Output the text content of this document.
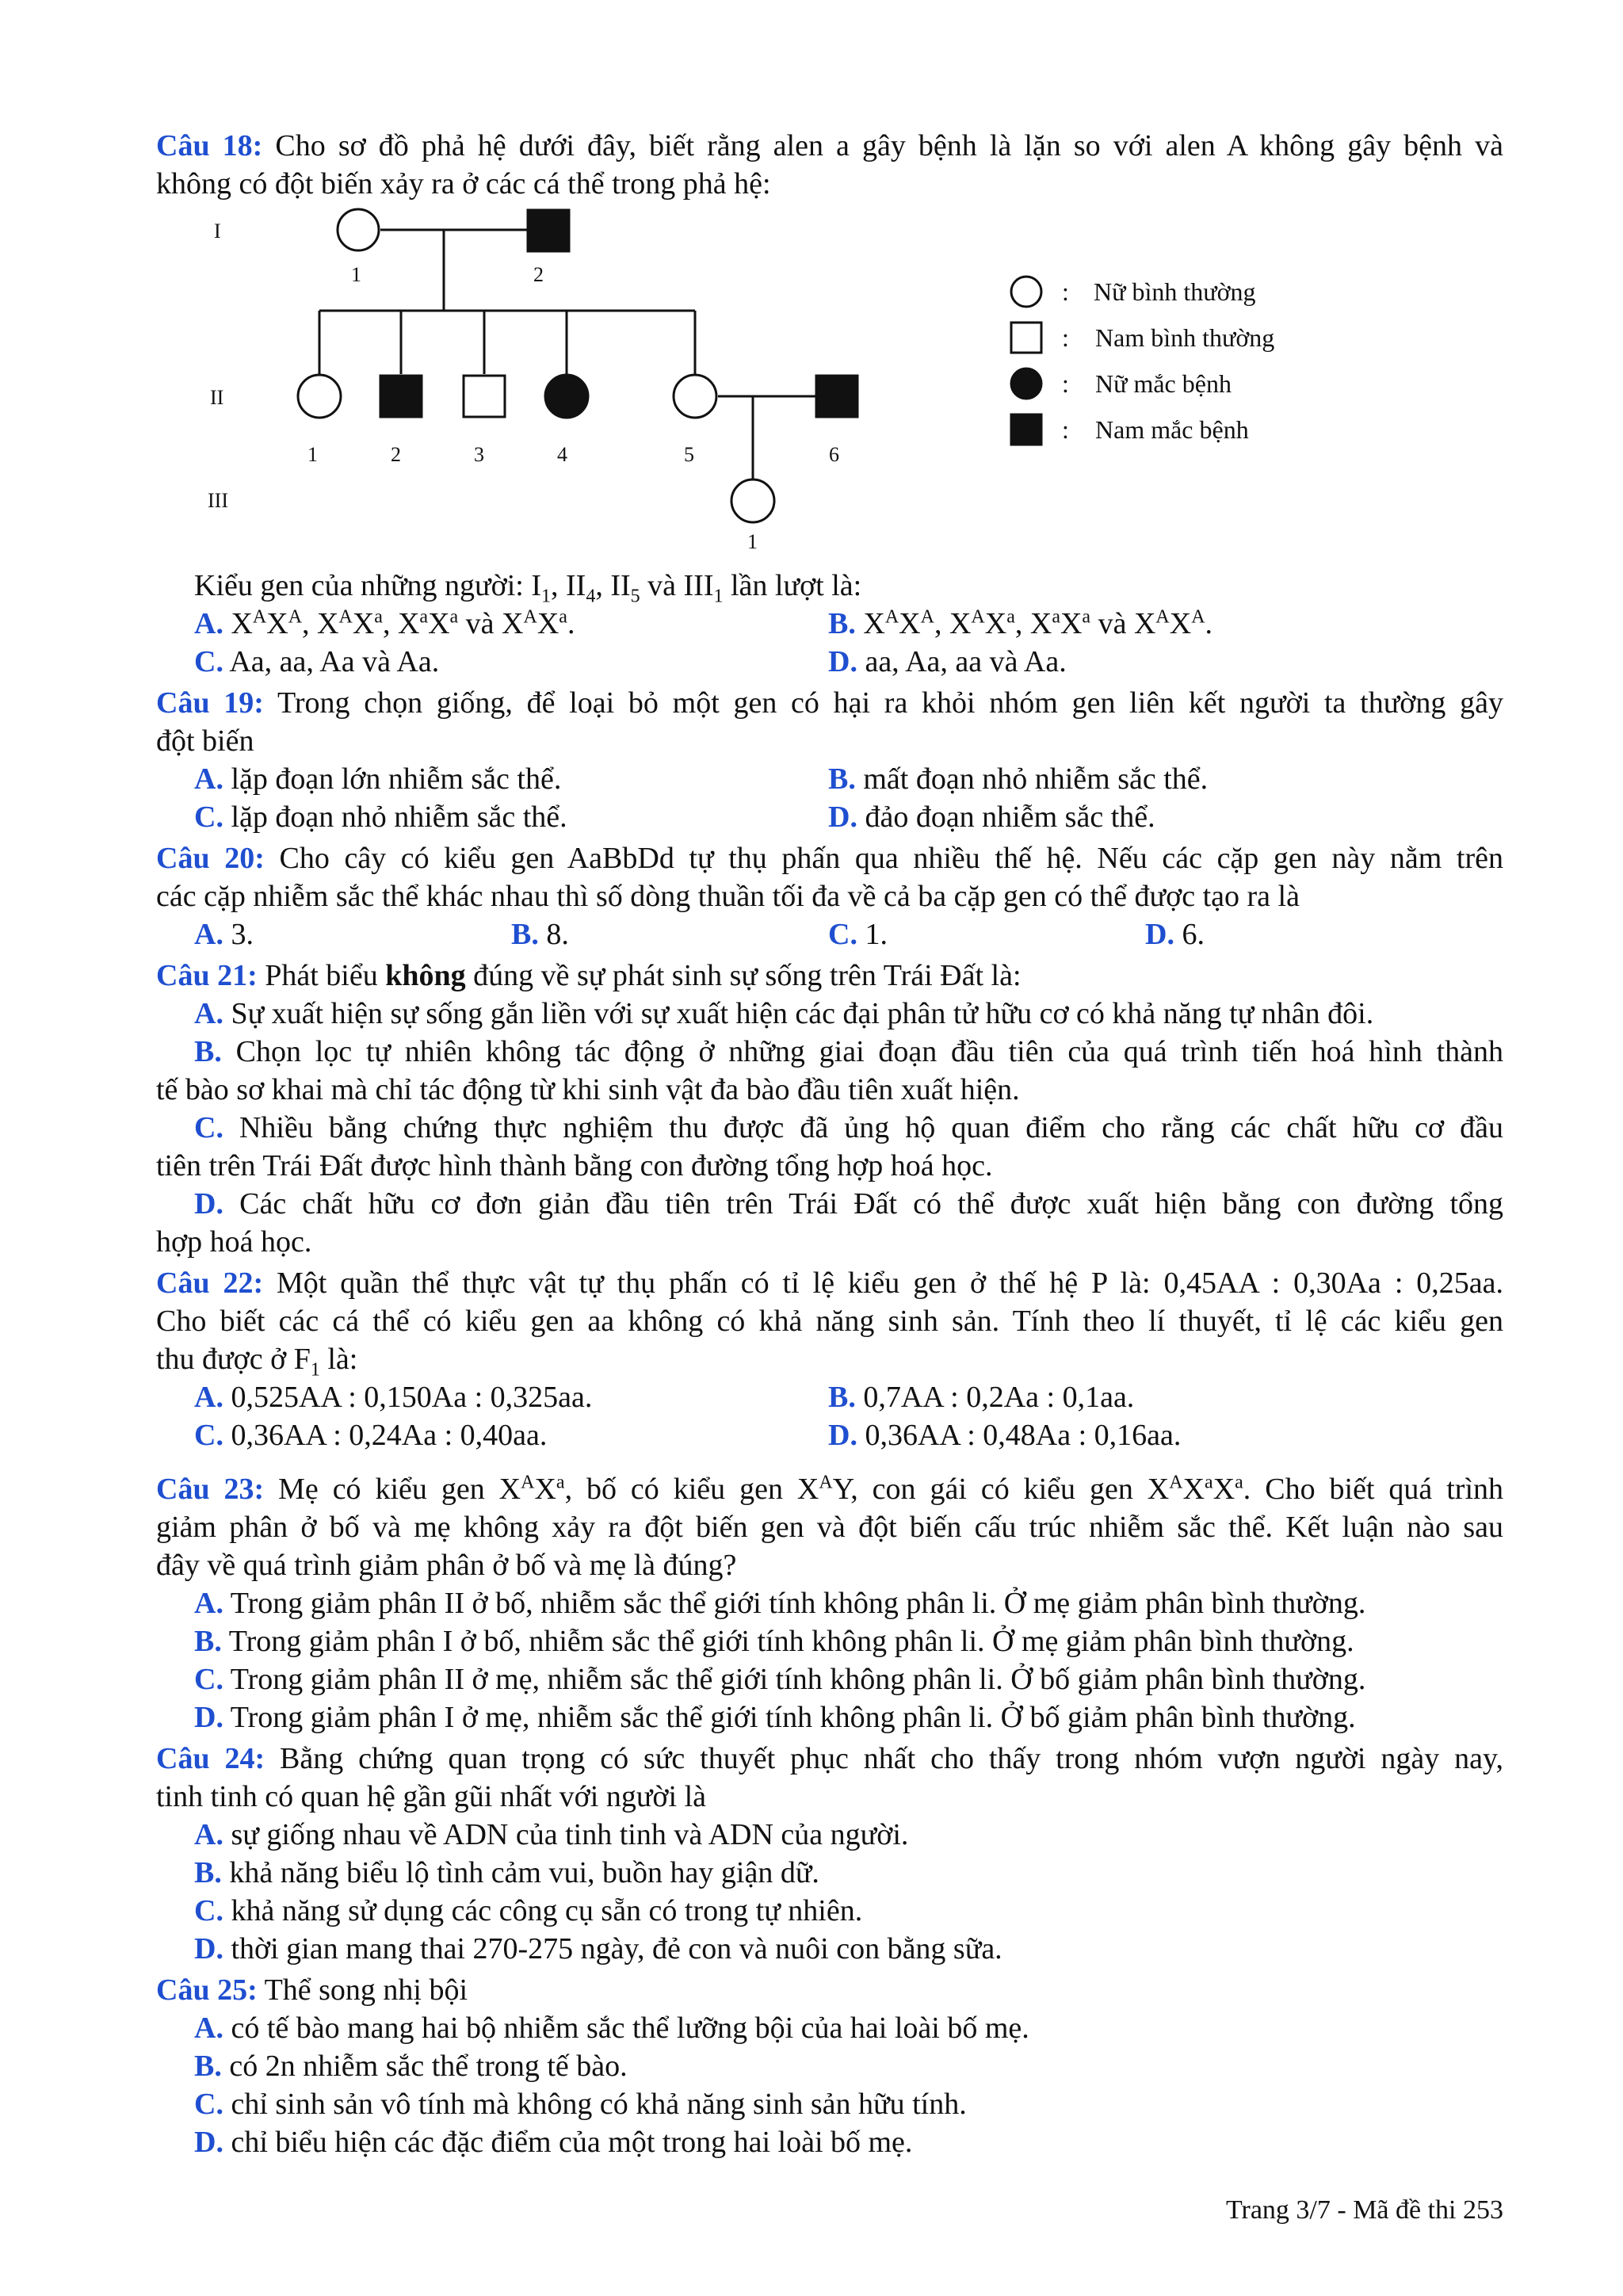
Câu 18: Cho sơ đồ phả hệ dưới đây, biết rằng alen a gây bệnh là lặn so với alen A không gây bệnh và
không có đột biến xảy ra ở các cá thể trong phả hệ:
I
II
III
1	2
1	2	3	4	5	6
1
:
:
:
:
Nữ bình thường
Nam bình thường
Nữ mắc bệnh
Nam mắc bệnh
Kiểu gen của những người: $I_1$, $II_4$, $II_5$ và $III_1$ lần lượt là:
A. $X^AX^A$, $X^AX^a$, $X^aX^a$ và $X^AX^a$.	B. $X^AX^A$, $X^AX^a$, $X^aX^a$ và $X^AX^A$.
C. Aa, aa, Aa và Aa.	D. aa, Aa, aa và Aa.
Câu 19: Trong chọn giống, để loại bỏ một gen có hại ra khỏi nhóm gen liên kết người ta thường gây
đột biến
A. lặp đoạn lớn nhiễm sắc thể.	B. mất đoạn nhỏ nhiễm sắc thể.
C. lặp đoạn nhỏ nhiễm sắc thể.	D. đảo đoạn nhiễm sắc thể.
Câu 20: Cho cây có kiểu gen AaBbDd tự thụ phấn qua nhiều thế hệ. Nếu các cặp gen này nằm trên
các cặp nhiễm sắc thể khác nhau thì số dòng thuần tối đa về cả ba cặp gen có thể được tạo ra là
A. 3.	B. 8.	C. 1.	D. 6.
Câu 21: Phát biểu không đúng về sự phát sinh sự sống trên Trái Đất là:
A. Sự xuất hiện sự sống gắn liền với sự xuất hiện các đại phân tử hữu cơ có khả năng tự nhân đôi.
B. Chọn lọc tự nhiên không tác động ở những giai đoạn đầu tiên của quá trình tiến hoá hình thành
tế bào sơ khai mà chỉ tác động từ khi sinh vật đa bào đầu tiên xuất hiện.
C. Nhiều bằng chứng thực nghiệm thu được đã ủng hộ quan điểm cho rằng các chất hữu cơ đầu
tiên trên Trái Đất được hình thành bằng con đường tổng hợp hoá học.
D. Các chất hữu cơ đơn giản đầu tiên trên Trái Đất có thể được xuất hiện bằng con đường tổng
hợp hoá học.
Câu 22: Một quần thể thực vật tự thụ phấn có tỉ lệ kiểu gen ở thế hệ P là: 0,45AA : 0,30Aa : 0,25aa.
Cho biết các cá thể có kiểu gen aa không có khả năng sinh sản. Tính theo lí thuyết, tỉ lệ các kiểu gen
thu được ở $F_1$ là:
A. 0,525AA : 0,150Aa : 0,325aa.	B. 0,7AA : 0,2Aa : 0,1aa.
C. 0,36AA : 0,24Aa : 0,40aa.	D. 0,36AA : 0,48Aa : 0,16aa.
Câu 23: Mẹ có kiểu gen $X^AX^a$, bố có kiểu gen $X^AY$, con gái có kiểu gen $X^AX^aX^a$. Cho biết quá trình
giảm phân ở bố và mẹ không xảy ra đột biến gen và đột biến cấu trúc nhiễm sắc thể. Kết luận nào sau
đây về quá trình giảm phân ở bố và mẹ là đúng?
A. Trong giảm phân II ở bố, nhiễm sắc thể giới tính không phân li. Ở mẹ giảm phân bình thường.
B. Trong giảm phân I ở bố, nhiễm sắc thể giới tính không phân li. Ở mẹ giảm phân bình thường.
C. Trong giảm phân II ở mẹ, nhiễm sắc thể giới tính không phân li. Ở bố giảm phân bình thường.
D. Trong giảm phân I ở mẹ, nhiễm sắc thể giới tính không phân li. Ở bố giảm phân bình thường.
Câu 24: Bằng chứng quan trọng có sức thuyết phục nhất cho thấy trong nhóm vượn người ngày nay,
tinh tinh có quan hệ gần gũi nhất với người là
A. sự giống nhau về ADN của tinh tinh và ADN của người.
B. khả năng biểu lộ tình cảm vui, buồn hay giận dữ.
C. khả năng sử dụng các công cụ sẵn có trong tự nhiên.
D. thời gian mang thai 270-275 ngày, đẻ con và nuôi con bằng sữa.
Câu 25: Thể song nhị bội
A. có tế bào mang hai bộ nhiễm sắc thể lưỡng bội của hai loài bố mẹ.
B. có 2n nhiễm sắc thể trong tế bào.
C. chỉ sinh sản vô tính mà không có khả năng sinh sản hữu tính.
D. chỉ biểu hiện các đặc điểm của một trong hai loài bố mẹ.
Trang 3/7 - Mã đề thi 253
